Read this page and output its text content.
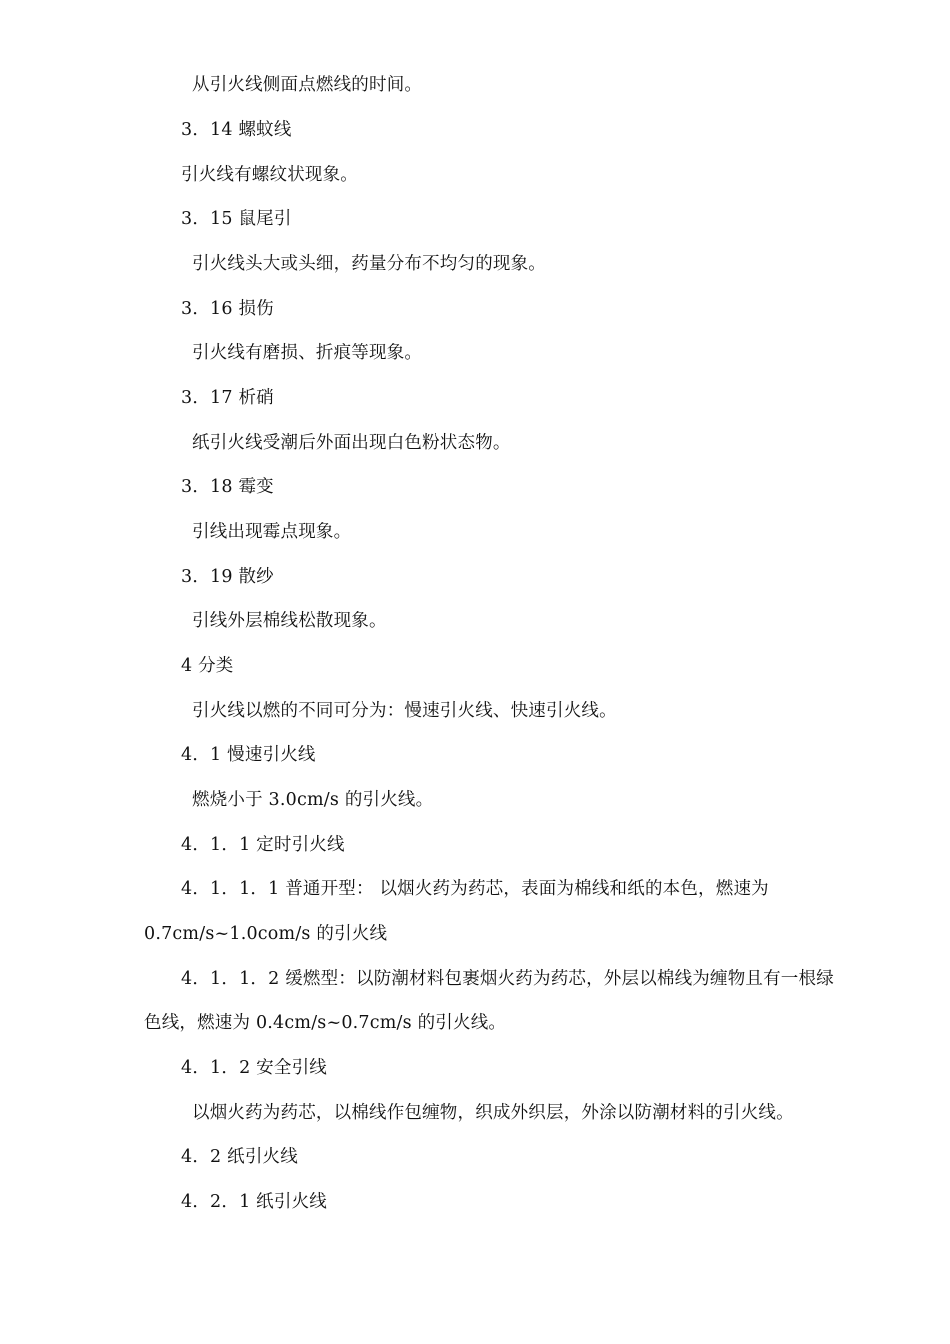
从引火线侧面点燃线的时间。
3．14 螺蚊线
引火线有螺纹状现象。
3．15 鼠尾引
引火线头大或头细，药量分布不均匀的现象。
3．16 损伤
引火线有磨损、折痕等现象。
3．17 析硝
纸引火线受潮后外面出现白色粉状态物。
3．18 霉变
引线出现霉点现象。
3．19 散纱
引线外层棉线松散现象。
4 分类
引火线以燃的不同可分为：慢速引火线、快速引火线。
4．1 慢速引火线
燃烧小于 3.0cm/s 的引火线。
4．1．1 定时引火线
4．1．1．1 普通开型： 以烟火药为药芯，表面为棉线和纸的本色，燃速为
0.7cm/s~1.0com/s 的引火线
4．1．1．2 缓燃型：以防潮材料包裹烟火药为药芯，外层以棉线为缠物且有一根绿
色线，燃速为 0.4cm/s~0.7cm/s 的引火线。
4．1．2 安全引线
以烟火药为药芯，以棉线作包缠物，织成外织层，外涂以防潮材料的引火线。
4．2 纸引火线
4．2．1 纸引火线
